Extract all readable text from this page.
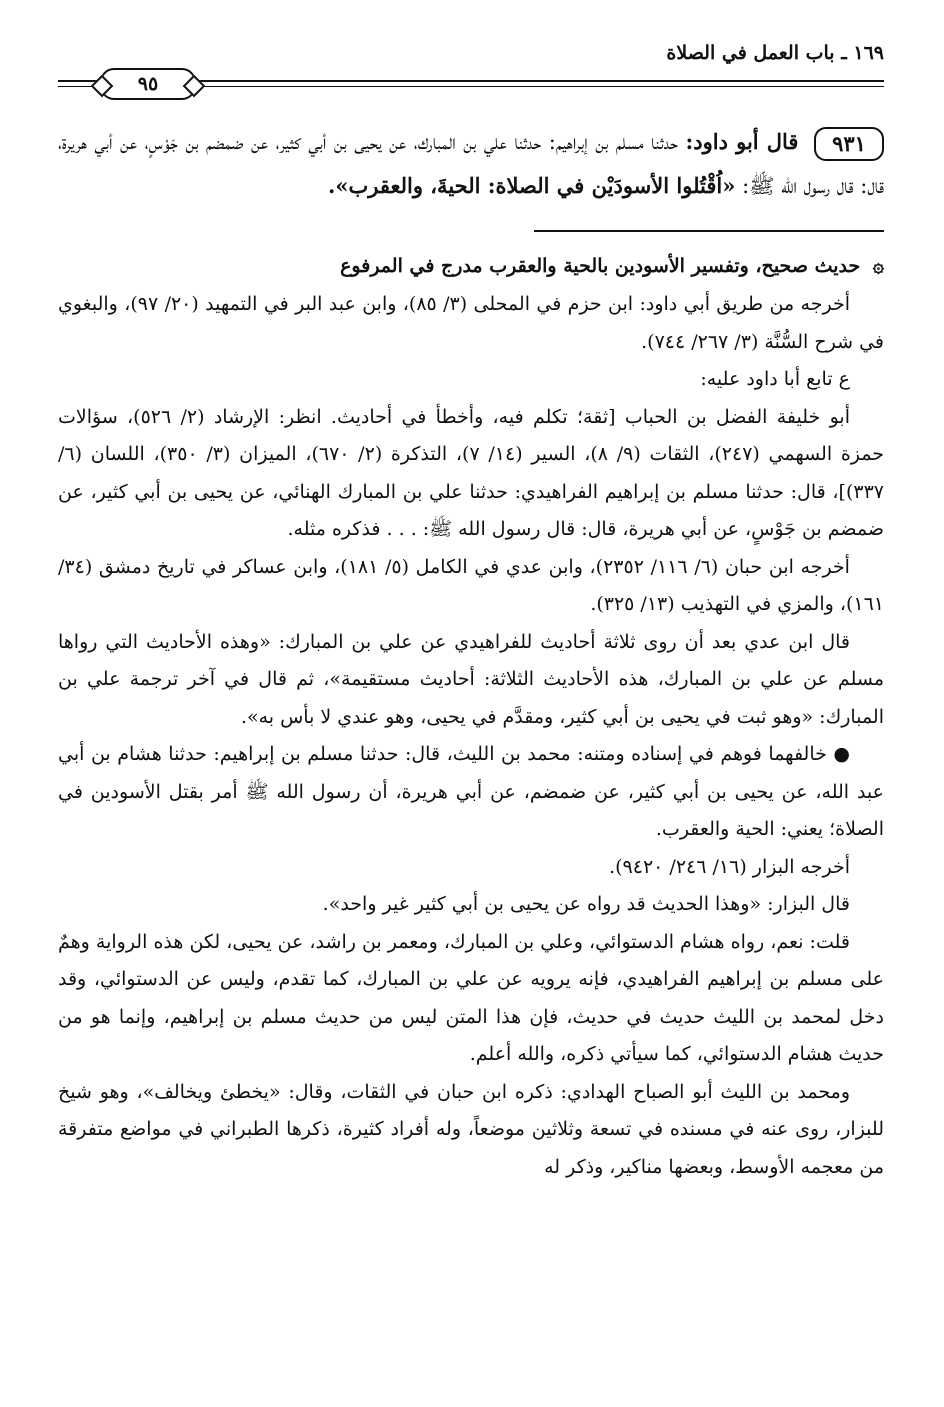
١٦٩ ـ باب العمل في الصلاة
٩٥
٩٣١ قال أبو داود: حدثنا مسلم بن إبراهيم: حدثنا علي بن المبارك، عن يحيى بن أبي كثير، عن ضمضم بن جَوْسٍ، عن أبي هريرة، قال: قال رسول الله ﷺ: «اُقْتُلوا الأسودَيْن في الصلاة: الحيةَ، والعقرب».
۞ حديث صحيح، وتفسير الأسودين بالحية والعقرب مدرج في المرفوع

أخرجه من طريق أبي داود: ابن حزم في المحلى (٣/ ٨٥)، وابن عبد البر في التمهيد (٢٠/ ٩٧)، والبغوي في شرح السُّنَّة (٣/ ٢٦٧/ ٧٤٤).

ع تابع أبا داود عليه:

أبو خليفة الفضل بن الحباب [ثقة؛ تكلم فيه، وأخطأ في أحاديث. انظر: الإرشاد (٢/ ٥٢٦)، سؤالات حمزة السهمي (٢٤٧)، الثقات (٩/ ٨)، السير (١٤/ ٧)، التذكرة (٢/ ٦٧٠)، الميزان (٣/ ٣٥٠)، اللسان (٦/ ٣٣٧)]، قال: حدثنا مسلم بن إبراهيم الفراهيدي: حدثنا علي بن المبارك الهنائي، عن يحيى بن أبي كثير، عن ضمضم بن جَوْسٍ، عن أبي هريرة، قال: قال رسول الله ﷺ: . . . فذكره مثله.

أخرجه ابن حبان (٦/ ١١٦/ ٢٣٥٢)، وابن عدي في الكامل (٥/ ١٨١)، وابن عساكر في تاريخ دمشق (٣٤/ ١٦١)، والمزي في التهذيب (١٣/ ٣٢٥).

قال ابن عدي بعد أن روى ثلاثة أحاديث للفراهيدي عن علي بن المبارك: «وهذه الأحاديث التي رواها مسلم عن علي بن المبارك، هذه الأحاديث الثلاثة: أحاديث مستقيمة»، ثم قال في آخر ترجمة علي بن المبارك: «وهو ثبت في يحيى بن أبي كثير، ومقدَّم في يحيى، وهو عندي لا بأس به».

● خالفهما فوهم في إسناده ومتنه: محمد بن الليث، قال: حدثنا مسلم بن إبراهيم: حدثنا هشام بن أبي عبد الله، عن يحيى بن أبي كثير، عن ضمضم، عن أبي هريرة، أن رسول الله ﷺ أمر بقتل الأسودين في الصلاة؛ يعني: الحية والعقرب.

أخرجه البزار (١٦/ ٢٤٦/ ٩٤٢٠).

قال البزار: «وهذا الحديث قد رواه عن يحيى بن أبي كثير غير واحد».

قلت: نعم، رواه هشام الدستوائي، وعلي بن المبارك، ومعمر بن راشد، عن يحيى، لكن هذه الرواية وهمٌ على مسلم بن إبراهيم الفراهيدي، فإنه يرويه عن علي بن المبارك، كما تقدم، وليس عن الدستوائي، وقد دخل لمحمد بن الليث حديث في حديث، فإن هذا المتن ليس من حديث مسلم بن إبراهيم، وإنما هو من حديث هشام الدستوائي، كما سيأتي ذكره، والله أعلم.

ومحمد بن الليث أبو الصباح الهدادي: ذكره ابن حبان في الثقات، وقال: «يخطئ ويخالف»، وهو شيخ للبزار، روى عنه في مسنده في تسعة وثلاثين موضعاً، وله أفراد كثيرة، ذكرها الطبراني في مواضع متفرقة من معجمه الأوسط، وبعضها مناكير، وذكر له
